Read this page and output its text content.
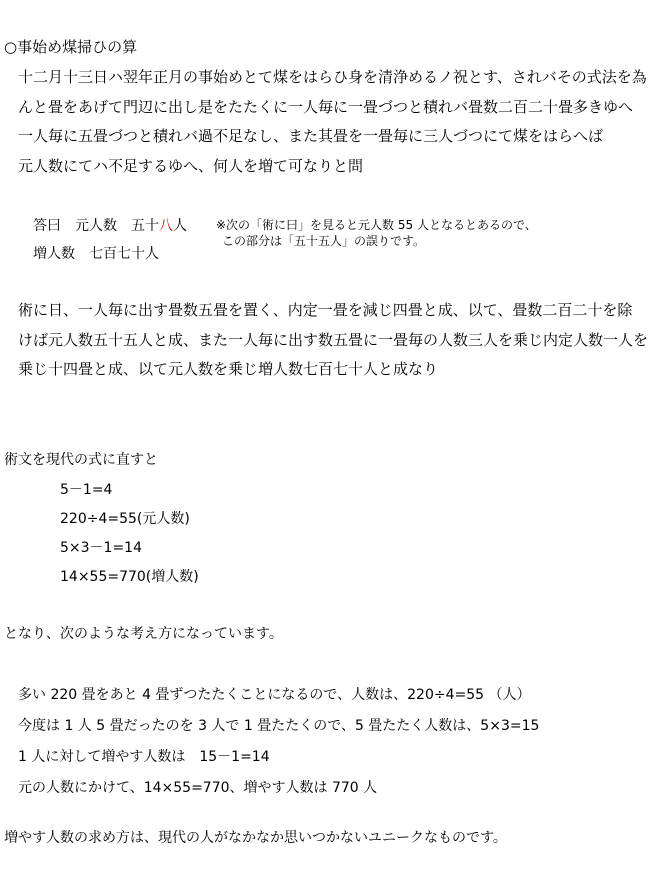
○事始め煤掃ひの算
十二月十三日ハ翌年正月の事始めとて煤をはらひ身を清浄めるノ祝とす、されバその式法を為
んと畳をあげて門辺に出し是をたたくに一人毎に一畳づつと積れバ畳数二百二十畳多きゆへ
一人毎に五畳づつと積れバ過不足なし、また其畳を一畳毎に三人づつにて煤をはらへば
元人数にてハ不足するゆへ、何人を増て可なりと問
答曰　元人数　五十八人
増人数　七百七十人
※次の「術に曰」を見ると元人数 55 人となるとあるので、
この部分は「五十五人」の誤りです。
術に日、一人毎に出す畳数五畳を置く、内定一畳を減じ四畳と成、以て、畳数二百二十を除
けば元人数五十五人と成、また一人毎に出す数五畳に一畳毎の人数三人を乗じ内定人数一人を
乗じ十四畳と成、以て元人数を乗じ増人数七百七十人と成なり
術文を現代の式に直すと
5－1=4
220÷4=55(元人数)
5×3－1=14
14×55=770(増人数)
となり、次のような考え方になっています。
多い 220 畳をあと 4 畳ずつたたくことになるので、人数は、220÷4=55 （人）
今度は 1 人 5 畳だったのを 3 人で 1 畳たたくので、5 畳たたく人数は、5×3=15
1 人に対して増やす人数は　15－1=14
元の人数にかけて、14×55=770、増やす人数は 770 人
増やす人数の求め方は、現代の人がなかなか思いつかないユニークなものです。
